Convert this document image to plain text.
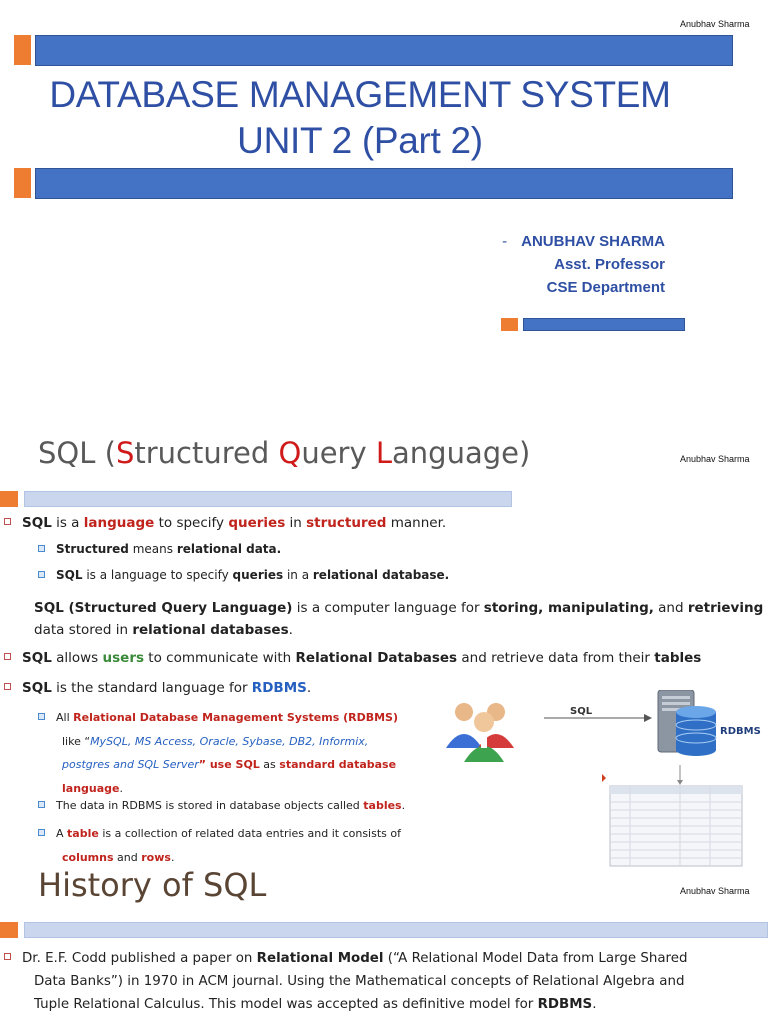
Anubhav Sharma
DATABASE MANAGEMENT SYSTEM
UNIT 2 (Part 2)
- ANUBHAV SHARMA
Asst. Professor
CSE Department
SQL (Structured Query Language)	Anubhav Sharma
SQL is a language to specify queries in structured manner.
Structured means relational data.
SQL is a language to specify queries in a relational database.
SQL (Structured Query Language) is a computer language for storing, manipulating, and retrieving
data stored in relational databases.
SQL allows users to communicate with Relational Databases and retrieve data from their tables
SQL is the standard language for RDBMS.
All Relational Database Management Systems (RDBMS)
like “MySQL, MS Access, Oracle, Sybase, DB2, Informix,
postgres and SQL Server” use SQL as standard database
language.
The data in RDBMS is stored in database objects called tables.
A table is a collection of related data entries and it consists of
columns and rows.
SQL
RDBMS
History of SQL	Anubhav Sharma
Dr. E.F. Codd published a paper on Relational Model (“A Relational Model Data from Large Shared
Data Banks”) in 1970 in ACM journal. Using the Mathematical concepts of Relational Algebra and
Tuple Relational Calculus. This model was accepted as definitive model for RDBMS.
